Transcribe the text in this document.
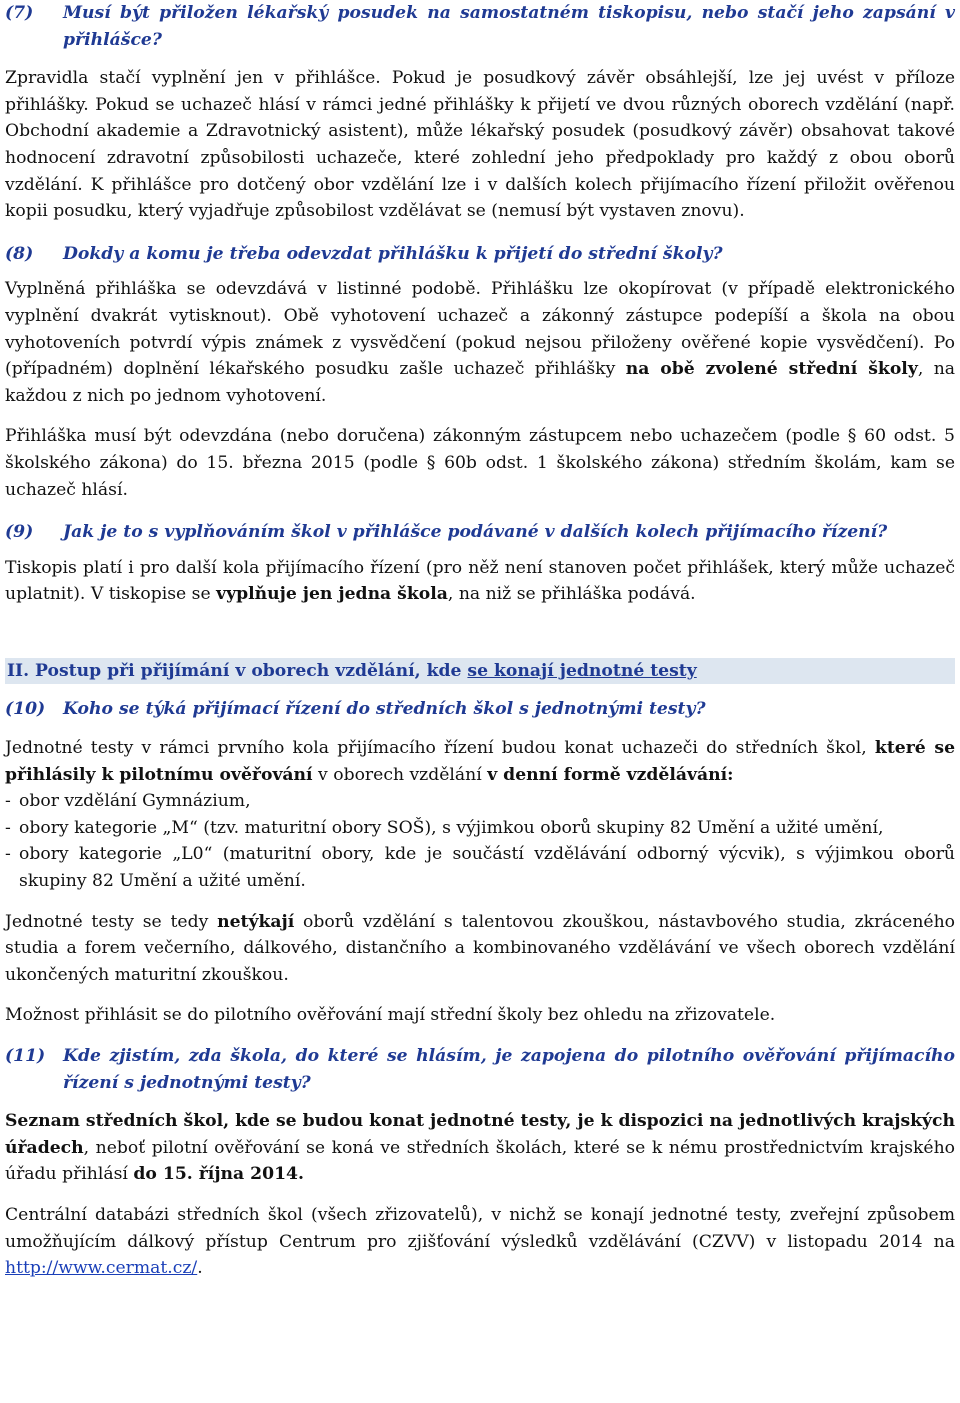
(7)	Musí být přiložen lékařský posudek na samostatném tiskopisu, nebo stačí jeho zapsání v přihlášce?

Zpravidla stačí vyplnění jen v přihlášce. Pokud je posudkový závěr obsáhlejší, lze jej uvést v příloze přihlášky. Pokud se uchazeč hlásí v rámci jedné přihlášky k přijetí ve dvou různých oborech vzdělání (např. Obchodní akademie a Zdravotnický asistent), může lékařský posudek (posudkový závěr) obsahovat takové hodnocení zdravotní způsobilosti uchazeče, které zohlední jeho předpoklady pro každý z obou oborů vzdělání. K přihlášce pro dotčený obor vzdělání lze i v dalších kolech přijímacího řízení přiložit ověřenou kopii posudku, který vyjadřuje způsobilost vzdělávat se (nemusí být vystaven znovu).

(8)	Dokdy a komu je třeba odevzdat přihlášku k přijetí do střední školy?

Vyplněná přihláška se odevzdává v listinné podobě. Přihlášku lze okopírovat (v případě elektronického vyplnění dvakrát vytisknout). Obě vyhotovení uchazeč a zákonný zástupce podepíší a škola na obou vyhotoveních potvrdí výpis známek z vysvědčení (pokud nejsou přiloženy ověřené kopie vysvědčení). Po (případném) doplnění lékařského posudku zašle uchazeč přihlášky na obě zvolené střední školy, na každou z nich po jednom vyhotovení.

Přihláška musí být odevzdána (nebo doručena) zákonným zástupcem nebo uchazečem (podle § 60 odst. 5 školského zákona) do 15. března 2015 (podle § 60b odst. 1 školského zákona) středním školám, kam se uchazeč hlásí.

(9)	Jak je to s vyplňováním škol v přihlášce podávané v dalších kolech přijímacího řízení?

Tiskopis platí i pro další kola přijímacího řízení (pro něž není stanoven počet přihlášek, který může uchazeč uplatnit). V tiskopise se vyplňuje jen jedna škola, na niž se přihláška podává.

II. Postup při přijímání v oborech vzdělání, kde se konají jednotné testy
(10)	Koho se týká přijímací řízení do středních škol s jednotnými testy?

Jednotné testy v rámci prvního kola přijímacího řízení budou konat uchazeči do středních škol, které se přihlásily k pilotnímu ověřování v oborech vzdělání v denní formě vzdělávání:

- obor vzdělání Gymnázium,
- obory kategorie „M“ (tzv. maturitní obory SOŠ), s výjimkou oborů skupiny 82 Umění a užité umění,
- obory kategorie „L0“ (maturitní obory, kde je součástí vzdělávání odborný výcvik), s výjimkou oborů skupiny 82 Umění a užité umění.

Jednotné testy se tedy netýkají oborů vzdělání s talentovou zkouškou, nástavbového studia, zkráceného studia a forem večerního, dálkového, distančního a kombinovaného vzdělávání ve všech oborech vzdělání ukončených maturitní zkouškou.

Možnost přihlásit se do pilotního ověřování mají střední školy bez ohledu na zřizovatele.

(11)	Kde zjistím, zda škola, do které se hlásím, je zapojena do pilotního ověřování přijímacího řízení s jednotnými testy?

Seznam středních škol, kde se budou konat jednotné testy, je k dispozici na jednotlivých krajských úřadech, neboť pilotní ověřování se koná ve středních školách, které se k nému prostřednictvím krajského úřadu přihlásí do 15. října 2014.

Centrální databázi středních škol (všech zřizovatelů), v nichž se konají jednotné testy, zveřejní způsobem umožňujícím dálkový přístup Centrum pro zjišťování výsledků vzdělávání (CZVV) v listopadu 2014 na http://www.cermat.cz/.
